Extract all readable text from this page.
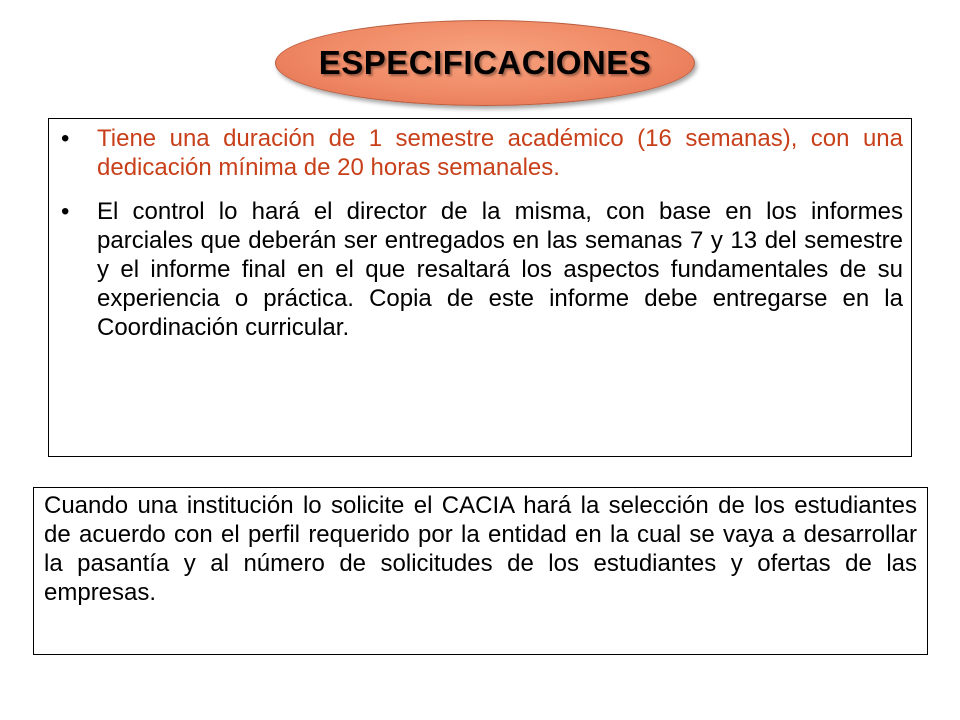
ESPECIFICACIONES
• Tiene una duración de 1 semestre académico (16 semanas), con una dedicación mínima de 20 horas semanales.
• El control lo hará el director de la misma, con base en los informes parciales que deberán ser entregados en las semanas 7 y 13 del semestre y el informe final en el que resaltará los aspectos fundamentales de su experiencia o práctica. Copia de este informe debe entregarse en la Coordinación curricular.

Cuando una institución lo solicite el CACIA hará la selección de los estudiantes de acuerdo con el perfil requerido por la entidad en la cual se vaya a desarrollar la pasantía y al número de solicitudes de los estudiantes y ofertas de las empresas.
